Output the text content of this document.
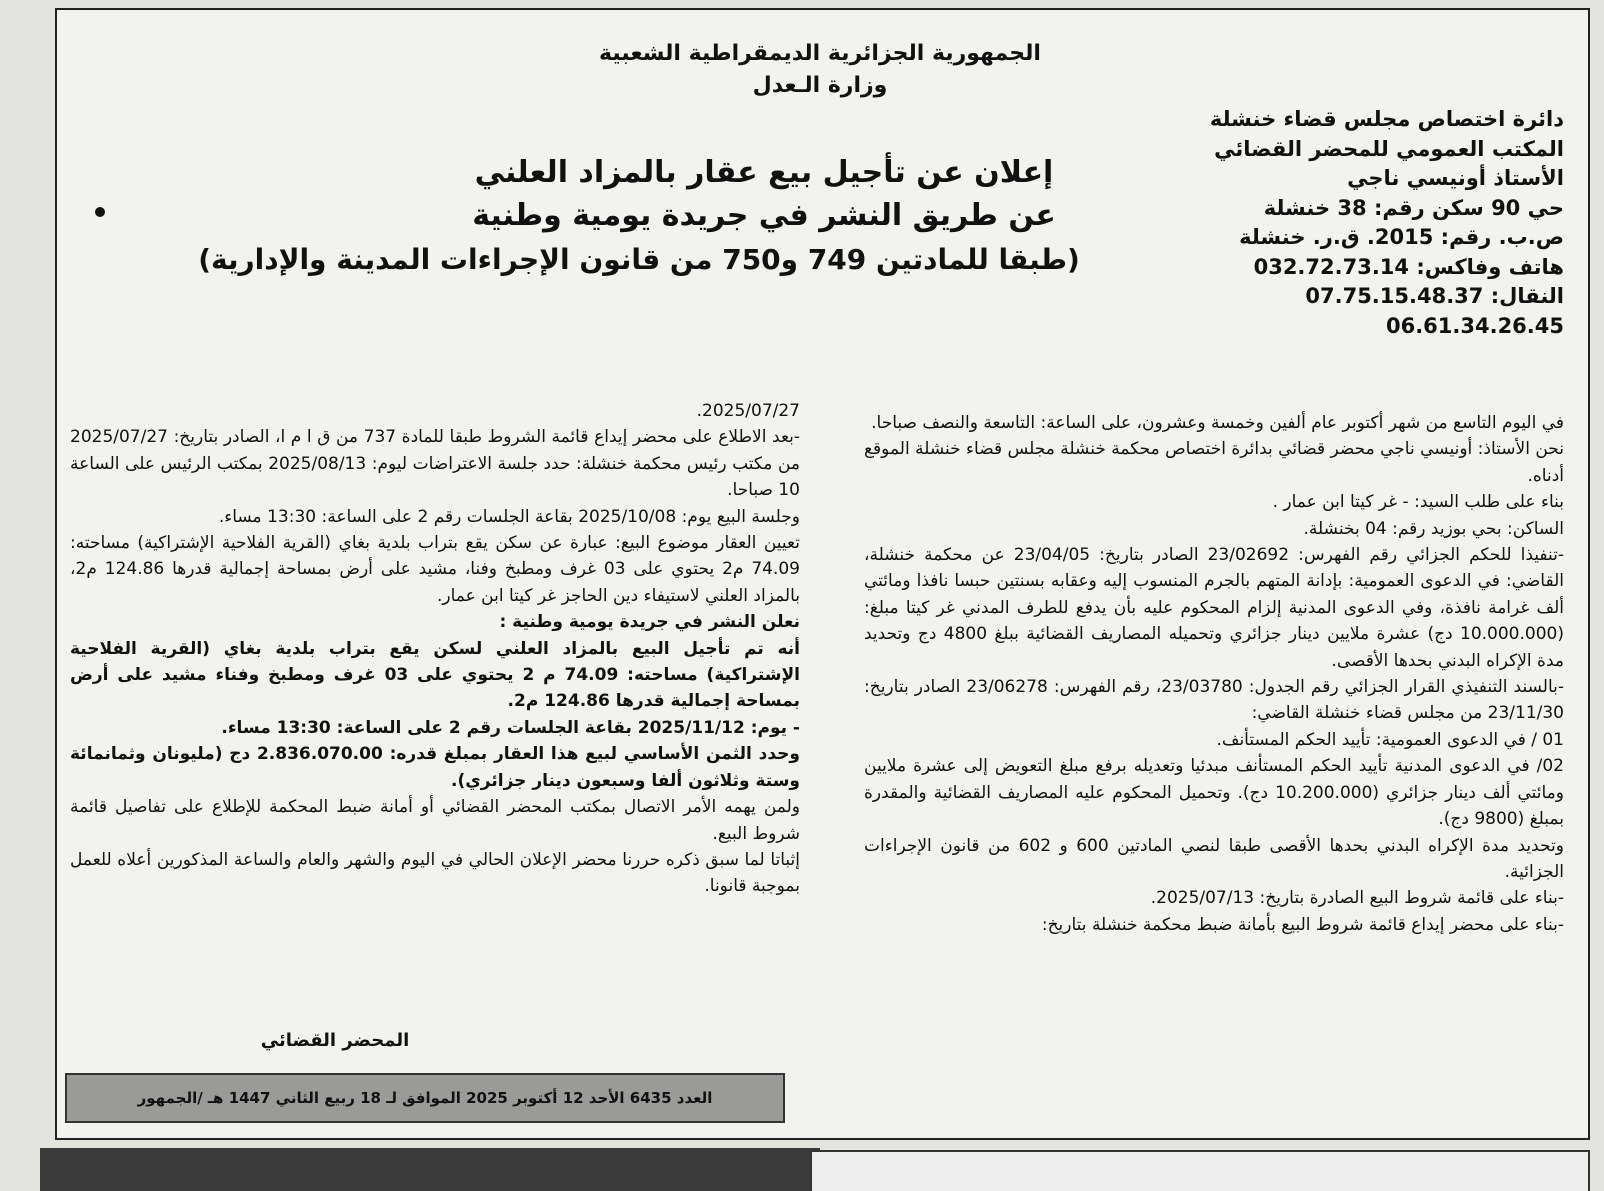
الجمهورية الجزائرية الديمقراطية الشعبية
وزارة الـعدل
دائرة اختصاص مجلس قضاء خنشلة
المكتب العمومي للمحضر القضائي
الأستاذ أونيسي ناجي
حي 90 سكن رقم: 38 خنشلة
ص.ب. رقم: 2015. ق.ر. خنشلة
هاتف وفاكس: 032.72.73.14
النقال: 07.75.15.48.37
06.61.34.26.45
إعلان عن تأجيل بيع عقار بالمزاد العلني
عن طريق النشر في جريدة يومية وطنية
(طبقا للمادتين 749 و750 من قانون الإجراءات المدينة والإدارية)

في اليوم التاسع من شهر أكتوبر عام ألفين وخمسة وعشرون، على الساعة: التاسعة والنصف صباحا.

نحن الأستاذ: أونيسي ناجي محضر قضائي بدائرة اختصاص محكمة خنشلة مجلس قضاء خنشلة الموقع أدناه.

بناء على طلب السيد: - غر كيتا ابن عمار .

الساكن: بحي بوزيد رقم: 04 بخنشلة.

-تنفيذا للحكم الجزائي رقم الفهرس: 23/02692 الصادر بتاريخ: 23/04/05 عن محكمة خنشلة، القاضي: في الدعوى العمومية: بإدانة المتهم بالجرم المنسوب إليه وعقابه بسنتين حبسا نافذا ومائتي ألف غرامة نافذة، وفي الدعوى المدنية إلزام المحكوم عليه بأن يدفع للطرف المدني غر كيتا مبلغ: (10.000.000 دج) عشرة ملايين دينار جزائري وتحميله المصاريف القضائية ببلغ 4800 دج وتحديد مدة الإكراه البدني بحدها الأقصى.

-بالسند التنفيذي القرار الجزائي رقم الجدول: 23/03780، رقم الفهرس: 23/06278 الصادر بتاريخ: 23/11/30 من مجلس قضاء خنشلة القاضي:

01 / في الدعوى العمومية: تأييد الحكم المستأنف.

02/ في الدعوى المدنية تأييد الحكم المستأنف مبدئيا وتعديله برفع مبلغ التعويض إلى عشرة ملايين ومائتي ألف دينار جزائري (10.200.000 دج). وتحميل المحكوم عليه المصاريف القضائية والمقدرة بمبلغ (9800 دج).

وتحديد مدة الإكراه البدني بحدها الأقصى طبقا لنصي المادتين 600 و 602 من قانون الإجراءات الجزائية.

-بناء على قائمة شروط البيع الصادرة بتاريخ: 2025/07/13.

-بناء على محضر إيداع قائمة شروط البيع بأمانة ضبط محكمة خنشلة بتاريخ:

2025/07/27.

-بعد الاطلاع على محضر إيداع قائمة الشروط طبقا للمادة 737 من ق ا م ا، الصادر بتاريخ: 2025/07/27 من مكتب رئيس محكمة خنشلة: حدد جلسة الاعتراضات ليوم: 2025/08/13 بمكتب الرئيس على الساعة 10 صباحا.

وجلسة البيع يوم: 2025/10/08 بقاعة الجلسات رقم 2 على الساعة: 13:30 مساء.

تعيين العقار موضوع البيع: عبارة عن سكن يقع بتراب بلدية بغاي (القرية الفلاحية الإشتراكية) مساحته: 74.09 م2 يحتوي على 03 غرف ومطبخ وفنا، مشيد على أرض بمساحة إجمالية قدرها 124.86 م2، بالمزاد العلني لاستيفاء دين الحاجز غر كيتا ابن عمار.

نعلن النشر في جريدة يومية وطنية :

أنه تم تأجيل البيع بالمزاد العلني لسكن يقع بتراب بلدية بغاي (القرية الفلاحية الإشتراكية) مساحته: 74.09 م 2 يحتوي على 03 غرف ومطبخ وفناء مشيد على أرض بمساحة إجمالية قدرها 124.86 م2.

- يوم: 2025/11/12 بقاعة الجلسات رقم 2 على الساعة: 13:30 مساء.

وحدد الثمن الأساسي لبيع هذا العقار بمبلغ قدره: 2.836.070.00 دج (مليونان وثمانمائة وستة وثلاثون ألفا وسبعون دينار جزائري).

ولمن يهمه الأمر الاتصال بمكتب المحضر القضائي أو أمانة ضبط المحكمة للإطلاع على تفاصيل قائمة شروط البيع.

إثباتا لما سبق ذكره حررنا محضر الإعلان الحالي في اليوم والشهر والعام والساعة المذكورين أعلاه للعمل بموجبة قانونا.

المحضر القضائي
العدد 6435 الأحد 12 أكتوبر 2025 الموافق لـ 18 ربيع الثاني 1447 هـ /الجمهور
